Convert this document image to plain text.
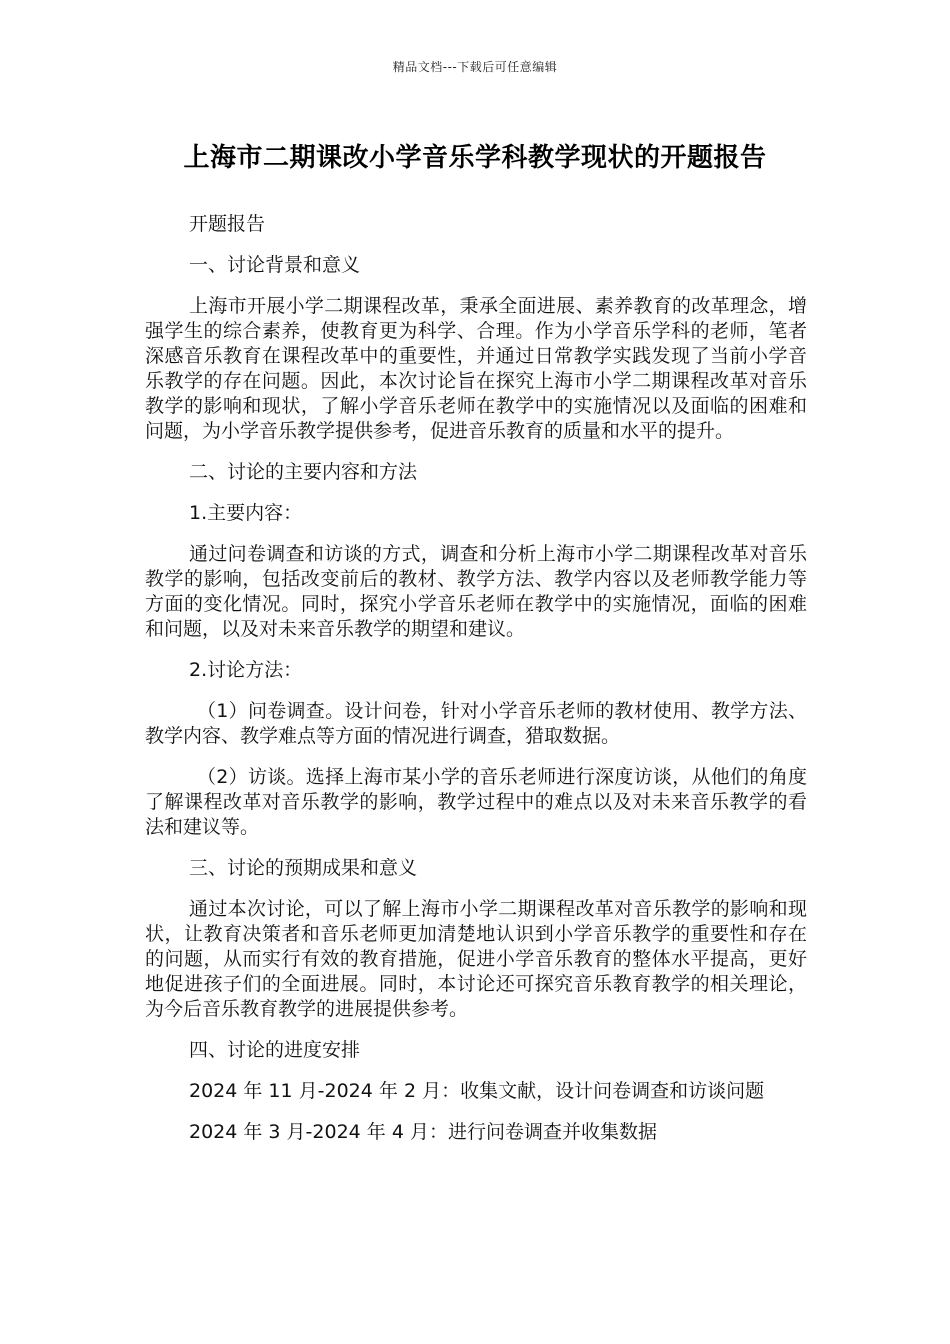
精品文档---下载后可任意编辑
上海市二期课改小学音乐学科教学现状的开题报告

开题报告

一、讨论背景和意义

上海市开展小学二期课程改革，秉承全面进展、素养教育的改革理念，增强学生的综合素养，使教育更为科学、合理。作为小学音乐学科的老师，笔者深感音乐教育在课程改革中的重要性，并通过日常教学实践发现了当前小学音乐教学的存在问题。因此，本次讨论旨在探究上海市小学二期课程改革对音乐教学的影响和现状，了解小学音乐老师在教学中的实施情况以及面临的困难和问题，为小学音乐教学提供参考，促进音乐教育的质量和水平的提升。

二、讨论的主要内容和方法

1.主要内容：

通过问卷调查和访谈的方式，调查和分析上海市小学二期课程改革对音乐教学的影响，包括改变前后的教材、教学方法、教学内容以及老师教学能力等方面的变化情况。同时，探究小学音乐老师在教学中的实施情况，面临的困难和问题，以及对未来音乐教学的期望和建议。

2.讨论方法：

（1）问卷调查。设计问卷，针对小学音乐老师的教材使用、教学方法、教学内容、教学难点等方面的情况进行调查，猎取数据。

（2）访谈。选择上海市某小学的音乐老师进行深度访谈，从他们的角度了解课程改革对音乐教学的影响，教学过程中的难点以及对未来音乐教学的看法和建议等。

三、讨论的预期成果和意义

通过本次讨论，可以了解上海市小学二期课程改革对音乐教学的影响和现状，让教育决策者和音乐老师更加清楚地认识到小学音乐教学的重要性和存在的问题，从而实行有效的教育措施，促进小学音乐教育的整体水平提高，更好地促进孩子们的全面进展。同时，本讨论还可探究音乐教育教学的相关理论，为今后音乐教育教学的进展提供参考。

四、讨论的进度安排

2024 年 11 月-2024 年 2 月：收集文献，设计问卷调查和访谈问题

2024 年 3 月-2024 年 4 月：进行问卷调查并收集数据
